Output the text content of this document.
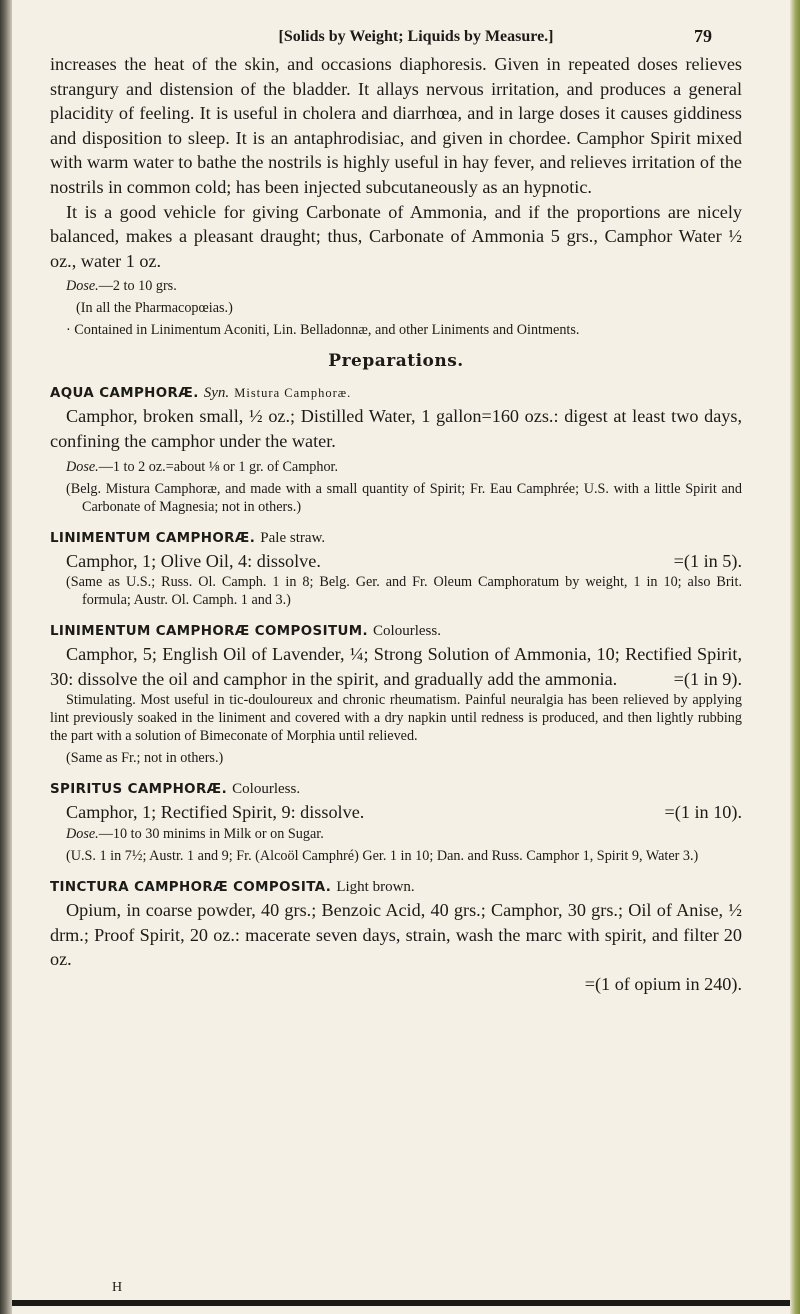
[Solids by Weight; Liquids by Measure.]	79

increases the heat of the skin, and occasions diaphoresis. Given in repeated doses relieves strangury and distension of the bladder. It allays nervous irritation, and produces a general placidity of feeling. It is useful in cholera and diarrhœa, and in large doses it causes giddiness and disposition to sleep. It is an antaphrodisiac, and given in chordee. Camphor Spirit mixed with warm water to bathe the nostrils is highly useful in hay fever, and relieves irritation of the nostrils in common cold; has been injected subcutaneously as an hypnotic.

It is a good vehicle for giving Carbonate of Ammonia, and if the proportions are nicely balanced, makes a pleasant draught; thus, Carbonate of Ammonia 5 grs., Camphor Water ½ oz., water 1 oz.

Dose.—2 to 10 grs.

(In all the Pharmacopœias.)

· Contained in Linimentum Aconiti, Lin. Belladonnæ, and other Liniments and Ointments.

Preparations.
AQUA CAMPHORÆ. Syn. Mistura Camphoræ.

Camphor, broken small, ½ oz.; Distilled Water, 1 gallon=160 ozs.: digest at least two days, confining the camphor under the water.

Dose.—1 to 2 oz.=about ⅛ or 1 gr. of Camphor.

(Belg. Mistura Camphoræ, and made with a small quantity of Spirit; Fr. Eau Camphrée; U.S. with a little Spirit and Carbonate of Magnesia; not in others.)

LINIMENTUM CAMPHORÆ. Pale straw.
Camphor, 1; Olive Oil, 4: dissolve.	=(1 in 5).

(Same as U.S.; Russ. Ol. Camph. 1 in 8; Belg. Ger. and Fr. Oleum Camphoratum by weight, 1 in 10; also Brit. formula; Austr. Ol. Camph. 1 and 3.)

LINIMENTUM CAMPHORÆ COMPOSITUM. Colourless.

Camphor, 5; English Oil of Lavender, ¼; Strong Solution of Ammonia, 10; Rectified Spirit, 30: dissolve the oil and camphor in the spirit, and gradually add the ammonia.	=(1 in 9).

Stimulating. Most useful in tic-douloureux and chronic rheumatism. Painful neuralgia has been relieved by applying lint previously soaked in the liniment and covered with a dry napkin until redness is produced, and then lightly rubbing the part with a solution of Bimeconate of Morphia until relieved.

(Same as Fr.; not in others.)

SPIRITUS CAMPHORÆ. Colourless.
Camphor, 1; Rectified Spirit, 9: dissolve.	=(1 in 10).

Dose.—10 to 30 minims in Milk or on Sugar.

(U.S. 1 in 7½; Austr. 1 and 9; Fr. (Alcoöl Camphré) Ger. 1 in 10; Dan. and Russ. Camphor 1, Spirit 9, Water 3.)

TINCTURA CAMPHORÆ COMPOSITA. Light brown.

Opium, in coarse powder, 40 grs.; Benzoic Acid, 40 grs.; Camphor, 30 grs.; Oil of Anise, ½ drm.; Proof Spirit, 20 oz.: macerate seven days, strain, wash the marc with spirit, and filter 20 oz.

=(1 of opium in 240).
H
